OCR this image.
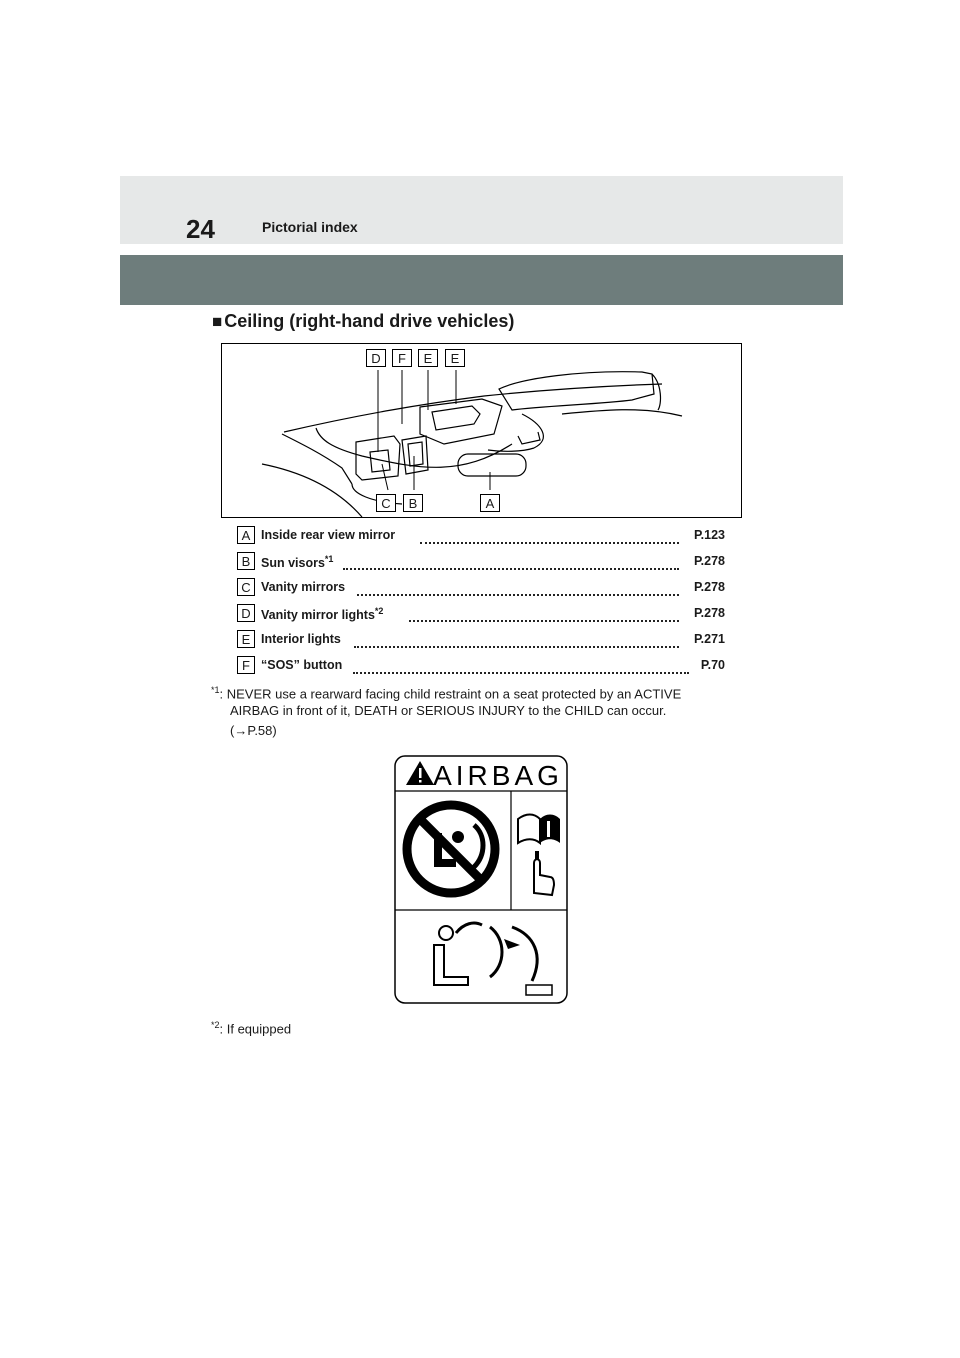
24	Pictorial index
■ Ceiling (right-hand drive vehicles)
D	F	E	E
C	B	A
A Inside rear view mirror	P.123
B Sun visors$^{*1}$	P.278
C Vanity mirrors	P.278
D Vanity mirror lights$^{*2}$	P.278
E Interior lights	P.271
F “SOS” button	P.70
$^{*1}$: NEVER use a rearward facing child restraint on a seat protected by an ACTIVE
AIRBAG in front of it, DEATH or SERIOUS INJURY to the CHILD can occur.
(→P.58)
AIRBAG
$^{*2}$: If equipped
